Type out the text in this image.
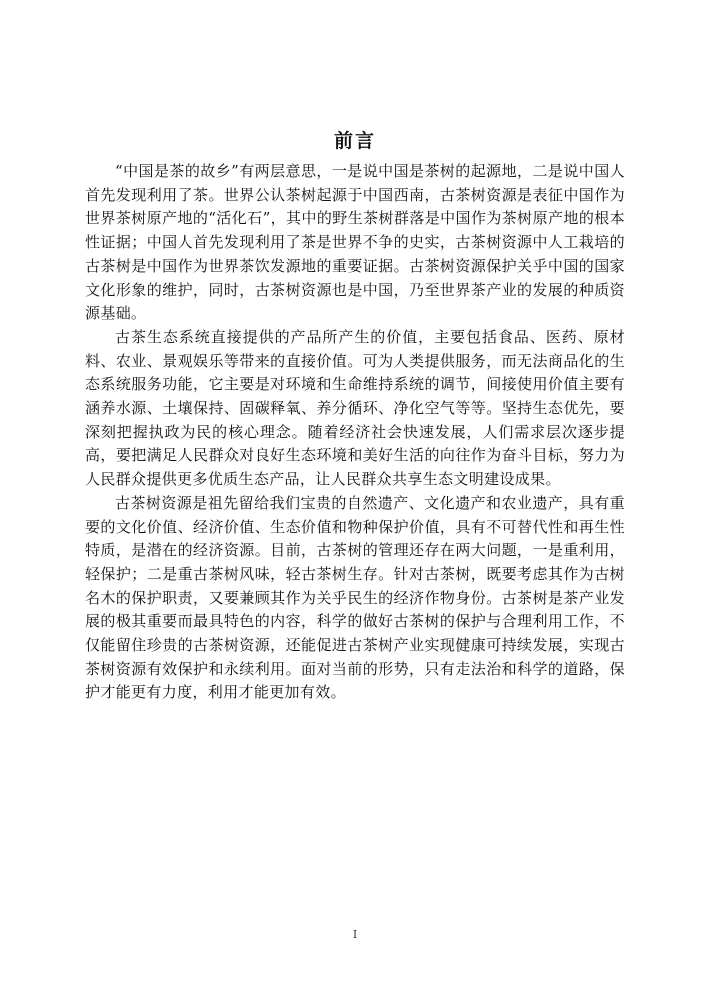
前言

“中国是茶的故乡”有两层意思，一是说中国是茶树的起源地，二是说中国人首先发现利用了茶。世界公认茶树起源于中国西南，古茶树资源是表征中国作为世界茶树原产地的“活化石”，其中的野生茶树群落是中国作为茶树原产地的根本性证据；中国人首先发现利用了茶是世界不争的史实，古茶树资源中人工栽培的古茶树是中国作为世界茶饮发源地的重要证据。古茶树资源保护关乎中国的国家文化形象的维护，同时，古茶树资源也是中国，乃至世界茶产业的发展的种质资源基础。

古茶生态系统直接提供的产品所产生的价值，主要包括食品、医药、原材料、农业、景观娱乐等带来的直接价值。可为人类提供服务，而无法商品化的生态系统服务功能，它主要是对环境和生命维持系统的调节，间接使用价值主要有涵养水源、土壤保持、固碳释氧、养分循环、净化空气等等。坚持生态优先，要深刻把握执政为民的核心理念。随着经济社会快速发展，人们需求层次逐步提高，要把满足人民群众对良好生态环境和美好生活的向往作为奋斗目标，努力为人民群众提供更多优质生态产品，让人民群众共享生态文明建设成果。

古茶树资源是祖先留给我们宝贵的自然遗产、文化遗产和农业遗产，具有重要的文化价值、经济价值、生态价值和物种保护价值，具有不可替代性和再生性特质，是潜在的经济资源。目前，古茶树的管理还存在两大问题，一是重利用，轻保护；二是重古茶树风味，轻古茶树生存。针对古茶树，既要考虑其作为古树名木的保护职责，又要兼顾其作为关乎民生的经济作物身份。古茶树是茶产业发展的极其重要而最具特色的内容，科学的做好古茶树的保护与合理利用工作，不仅能留住珍贵的古茶树资源，还能促进古茶树产业实现健康可持续发展，实现古茶树资源有效保护和永续利用。面对当前的形势，只有走法治和科学的道路，保护才能更有力度，利用才能更加有效。

I
